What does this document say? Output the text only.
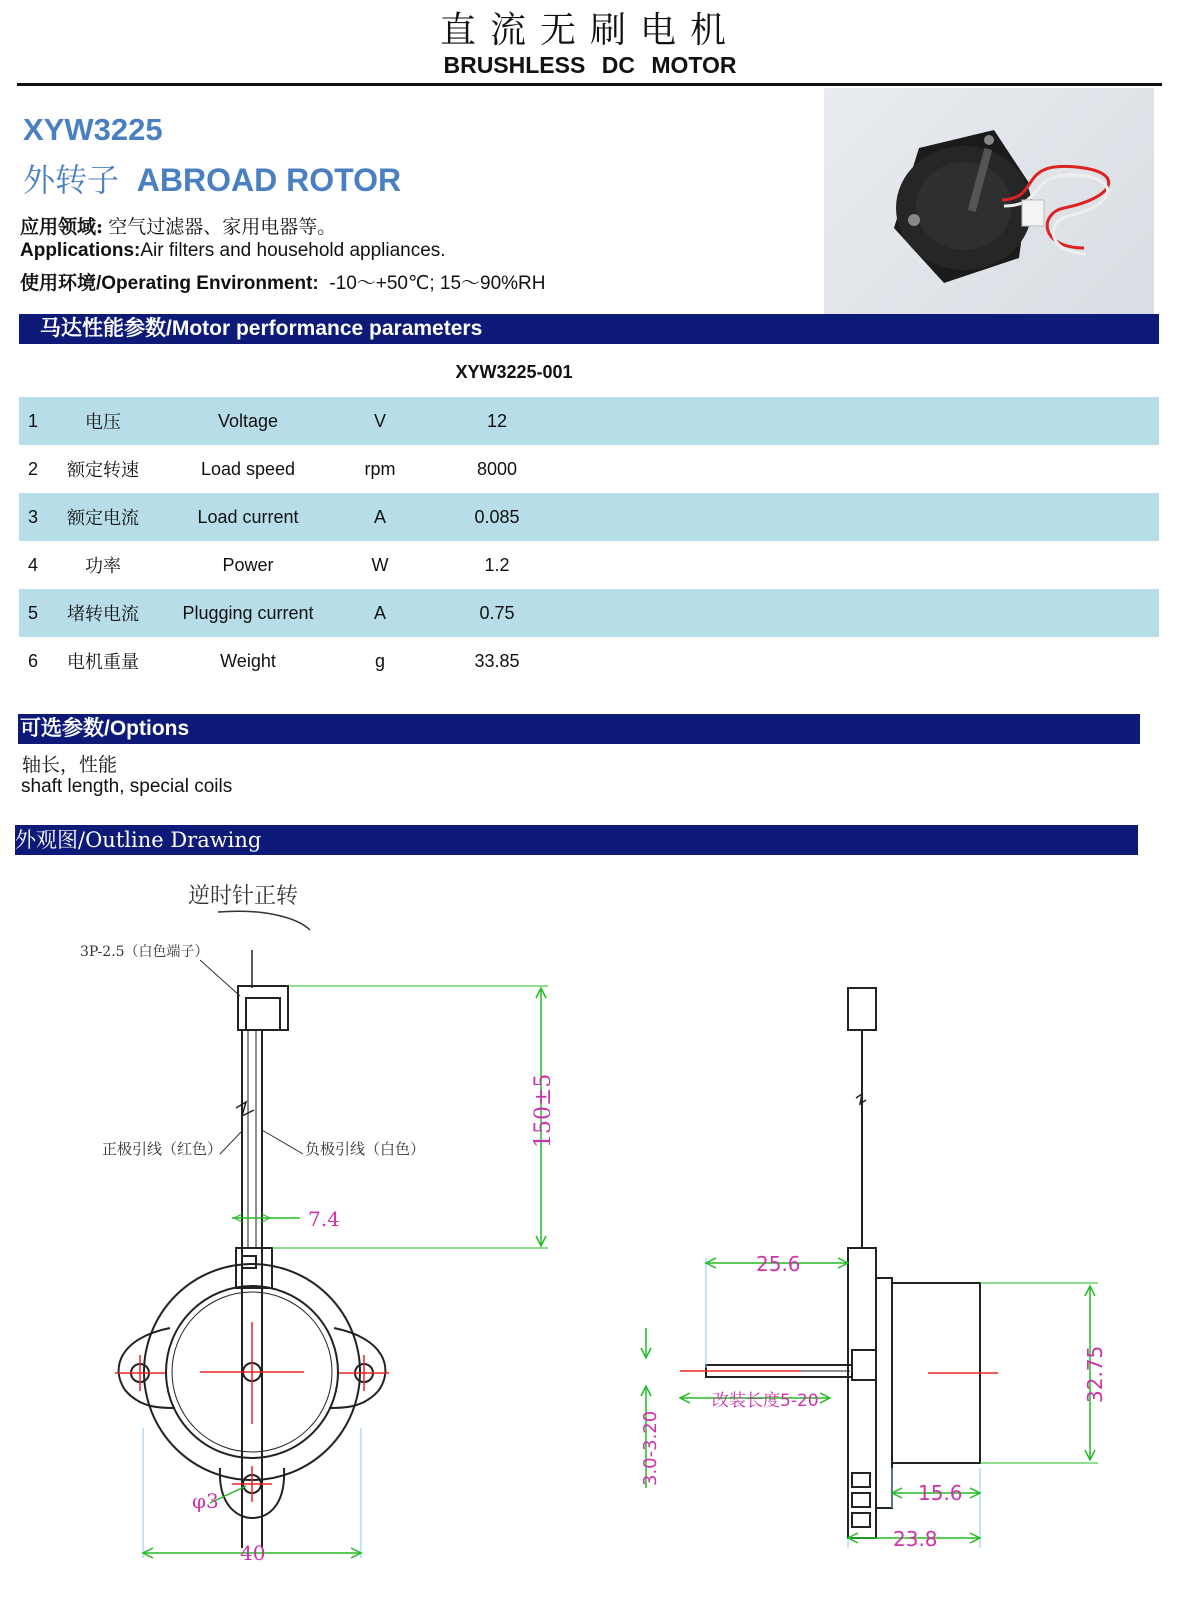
直流无刷电机
BRUSHLESS DC MOTOR
XYW3225
外转子 ABROAD ROTOR
应用领域: 空气过滤器、家用电器等。
Applications:Air filters and household appliances.
使用环境/Operating Environment: -10～+50℃; 15～90%RH
马达性能参数/Motor performance parameters
XYW3225-001
1	电压	Voltage	V	12	
2	额定转速	Load speed	rpm	8000	
3	额定电流	Load current	A	0.085	
4	功率	Power	W	1.2	
5	堵转电流	Plugging current	A	0.75	
6	电机重量	Weight	g	33.85	
可选参数/Options
轴长，性能
shaft length, special coils
外观图/Outline Drawing
逆时针正转
3P-2.5（白色端子）
正极引线（红色）	负极引线（白色）
150±5
7.4
φ3
40
25.6
改装长度5-20
3.0-3.20
32.75
15.6
23.8
